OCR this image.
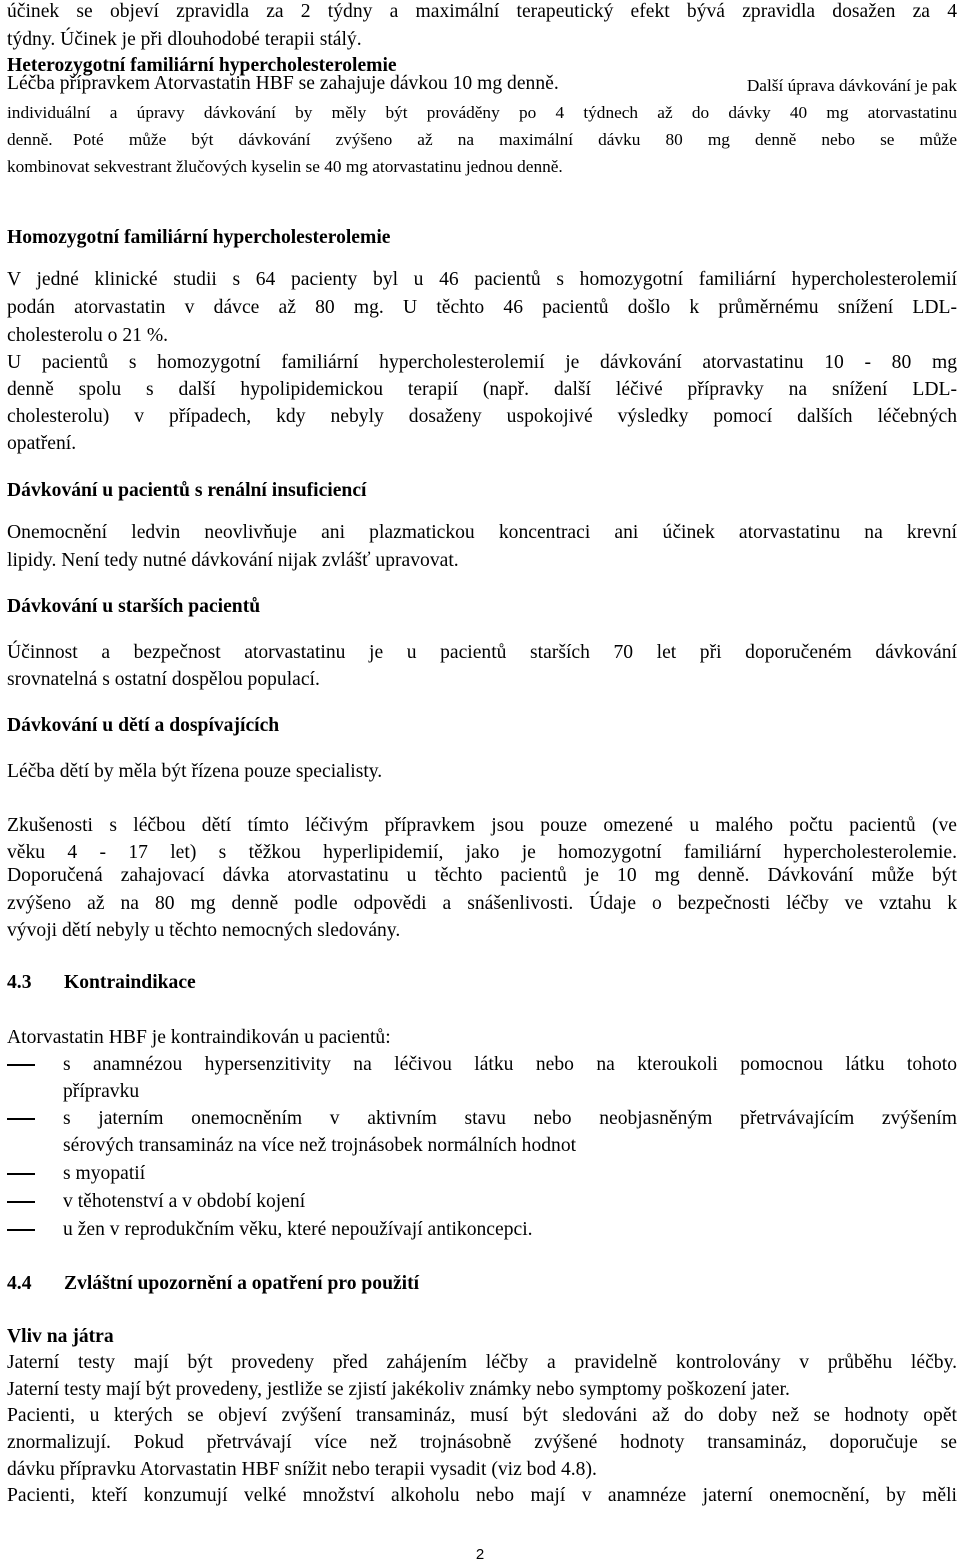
účinek se objeví zpravidla za 2 týdny a maximální terapeutický efekt bývá zpravidla dosažen za 4
týdny. Účinek je při dlouhodobé terapii stálý.
Heterozygotní familiární hypercholesterolemie
Léčba přípravkem Atorvastatin HBF se zahajuje dávkou 10 mg denně.	Další úprava dávkování je pak
individuální a úpravy dávkování by měly být prováděny po 4 týdnech až do dávky 40 mg atorvastatinu
denně.	Poté může být dávkování zvýšeno až na maximální dávku 80 mg denně nebo se může
kombinovat sekvestrant žlučových kyselin se 40 mg atorvastatinu jednou denně.
Homozygotní familiární hypercholesterolemie
V jedné klinické studii s 64 pacienty byl u 46 pacientů s homozygotní familiární hypercholesterolemií
podán atorvastatin v dávce až 80 mg. U těchto 46 pacientů došlo k průměrnému snížení LDL-
cholesterolu o 21 %.
U pacientů s homozygotní familiární hypercholesterolemií je dávkování atorvastatinu 10 - 80 mg
denně spolu s další hypolipidemickou terapií (např. další léčivé přípravky na snížení LDL-
cholesterolu) v případech, kdy nebyly dosaženy uspokojivé výsledky pomocí dalších léčebných
opatření.
Dávkování u pacientů s renální insuficiencí
Onemocnění ledvin neovlivňuje ani plazmatickou koncentraci ani účinek atorvastatinu na krevní
lipidy. Není tedy nutné dávkování nijak zvlášť upravovat.
Dávkování u starších pacientů
Účinnost a bezpečnost atorvastatinu je u pacientů starších 70 let při doporučeném dávkování
srovnatelná s ostatní dospělou populací.
Dávkování u dětí a dospívajících
Léčba dětí by měla být řízena pouze specialisty.
Zkušenosti s léčbou dětí tímto léčivým přípravkem jsou pouze omezené u malého počtu pacientů (ve
věku 4 - 17 let) s těžkou hyperlipidemií, jako je homozygotní familiární hypercholesterolemie.
Doporučená zahajovací dávka atorvastatinu u těchto pacientů je 10 mg denně. Dávkování může být
zvýšeno až na 80 mg denně podle odpovědi a snášenlivosti. Údaje o bezpečnosti léčby ve vztahu k
vývoji dětí nebyly u těchto nemocných sledovány.
4.3 Kontraindikace
Atorvastatin HBF je kontraindikován u pacientů:
s anamnézou hypersenzitivity na léčivou látku nebo na kteroukoli pomocnou látku tohoto
přípravku
s jaterním onemocněním v aktivním stavu nebo neobjasněným přetrvávajícím zvýšením
sérových transamináz na více než trojnásobek normálních hodnot
s myopatií
v těhotenství a v období kojení
u žen v reprodukčním věku, které nepoužívají antikoncepci.
4.4 Zvláštní upozornění a opatření pro použití
Vliv na játra
Jaterní testy mají být provedeny před zahájením léčby a pravidelně kontrolovány v průběhu léčby.
Jaterní testy mají být provedeny, jestliže se zjistí jakékoliv známky nebo symptomy poškození jater.
Pacienti, u kterých se objeví zvýšení transamináz, musí být sledováni až do doby než se hodnoty opět
znormalizují. Pokud přetrvávají více než trojnásobně zvýšené hodnoty transamináz, doporučuje se
dávku přípravku Atorvastatin HBF snížit nebo terapii vysadit (viz bod 4.8).
Pacienti, kteří konzumují velké množství alkoholu nebo mají v anamnéze jaterní onemocnění, by měli
2
